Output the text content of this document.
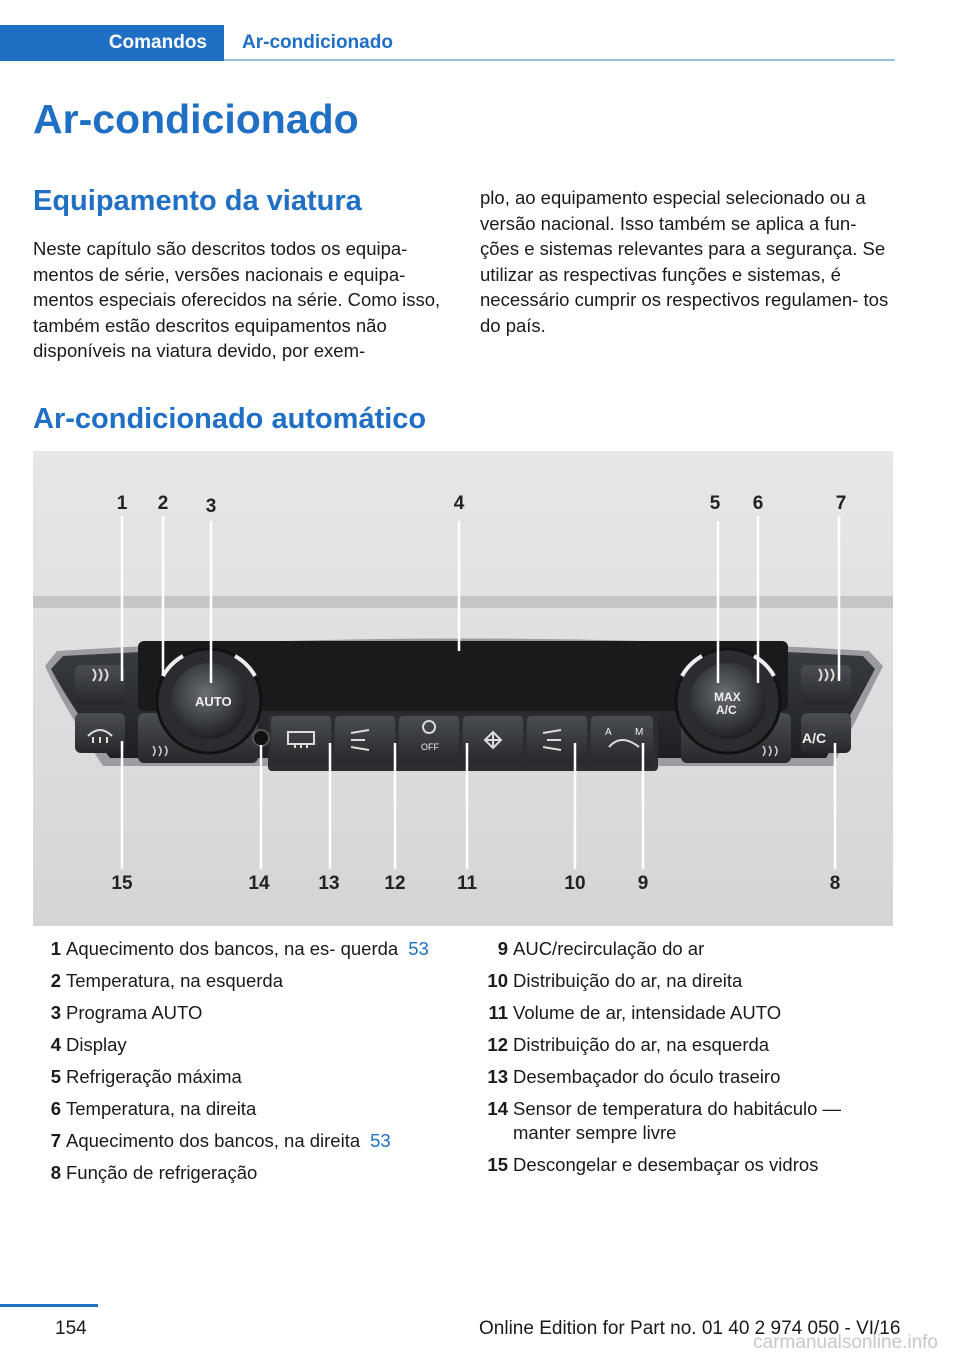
Comandos	Ar-condicionado
Ar-condicionado
Equipamento da viatura

Neste capítulo são descritos todos os equipa- mentos de série, versões nacionais e equipa- mentos especiais oferecidos na série. Como isso, também estão descritos equipamentos não disponíveis na viatura devido, por exem-

plo, ao equipamento especial selecionado ou a versão nacional. Isso também se aplica a fun- ções e sistemas relevantes para a segurança. Se utilizar as respectivas funções e sistemas, é necessário cumprir os respectivos regulamen- tos do país.

Ar-condicionado automático
AUTO	MAX
A/C
A/C
OFF
A M
1 2 3	4	5 6	7
15	14	13 12	11	10	9	8
1 Aquecimento dos bancos, na es- querda 53
2 Temperatura, na esquerda
3 Programa AUTO
4 Display
5 Refrigeração máxima
6 Temperatura, na direita
7 Aquecimento dos bancos, na direita 53
8 Função de refrigeração
9 AUC/recirculação do ar
10 Distribuição do ar, na direita
11 Volume de ar, intensidade AUTO
12 Distribuição do ar, na esquerda
13 Desembaçador do óculo traseiro
14 Sensor de temperatura do habitáculo — manter sempre livre
15 Descongelar e desembaçar os vidros
154	Online Edition for Part no. 01 40 2 974 050 - VI/16
carmanualsonline.info
